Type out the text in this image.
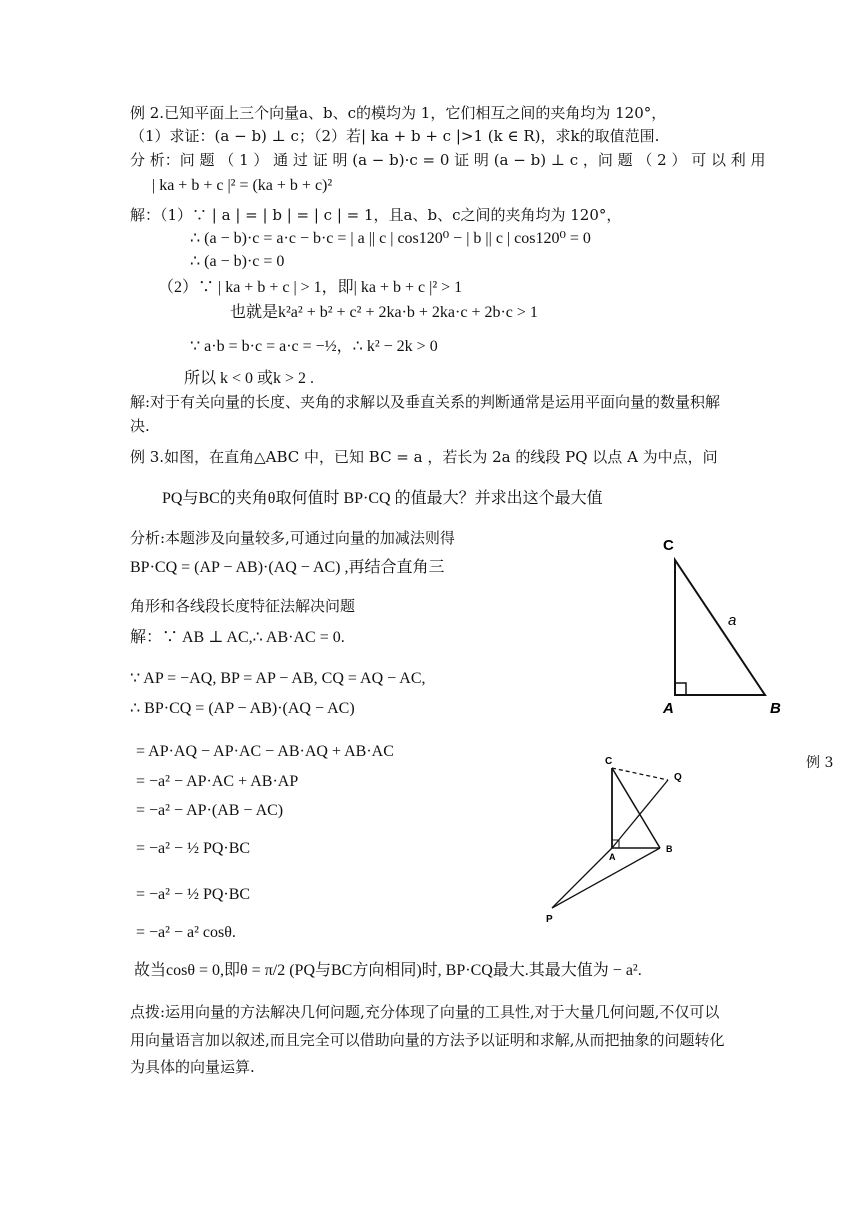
例 2.已知平面上三个向量a、b、c的模均为 1，它们相互之间的夹角均为 120°，
（1）求证：(a − b) ⊥ c；（2）若| ka + b + c |>1 (k ∈ R)，求k的取值范围.
分 析：问 题 （ 1 ） 通 过 证 明 (a − b)·c = 0 证 明 (a − b) ⊥ c ，问 题 （ 2 ） 可 以 利 用
| ka + b + c |² = (ka + b + c)²
解：（1）∵ | a | = | b | = | c | = 1，且a、b、c之间的夹角均为 120°，
∴ (a − b)·c = a·c − b·c = | a || c | cos120⁰ − | b || c | cos120⁰ = 0
∴ (a − b)·c = 0
（2）∵ | ka + b + c | > 1，即| ka + b + c |² > 1
也就是k²a² + b² + c² + 2ka·b + 2ka·c + 2b·c > 1
∵ a·b = b·c = a·c = −½，∴ k² − 2k > 0
所以 k < 0 或k > 2 .
解:对于有关向量的长度、夹角的求解以及垂直关系的判断通常是运用平面向量的数量积解
决.
例 3.如图，在直角△ABC 中，已知 BC = a ，若长为 2a 的线段 PQ 以点 A 为中点，问
PQ与BC的夹角θ取何值时 BP·CQ 的值最大？并求出这个最大值
分析:本题涉及向量较多,可通过向量的加减法则得
BP·CQ = (AP − AB)·(AQ − AC) ,再结合直角三
角形和各线段长度特征法解决问题
解：∵ AB ⊥ AC,∴ AB·AC = 0.
∵ AP = −AQ, BP = AP − AB, CQ = AQ − AC,
∴ BP·CQ = (AP − AB)·(AQ − AC)
= AP·AQ − AP·AC − AB·AQ + AB·AC
= −a² − AP·AC + AB·AP
= −a² − AP·(AB − AC)
= −a² − ½ PQ·BC
= −a² − ½ PQ·BC
= −a² − a² cosθ.
故当cosθ = 0,即θ = π/2 (PQ与BC方向相同)时, BP·CQ最大.其最大值为 − a².
例 3
点拨:运用向量的方法解决几何问题,充分体现了向量的工具性,对于大量几何问题,不仅可以
用向量语言加以叙述,而且完全可以借助向量的方法予以证明和求解,从而把抽象的问题转化
为具体的向量运算.
C
A	B
a
C
Q
A
B
P
